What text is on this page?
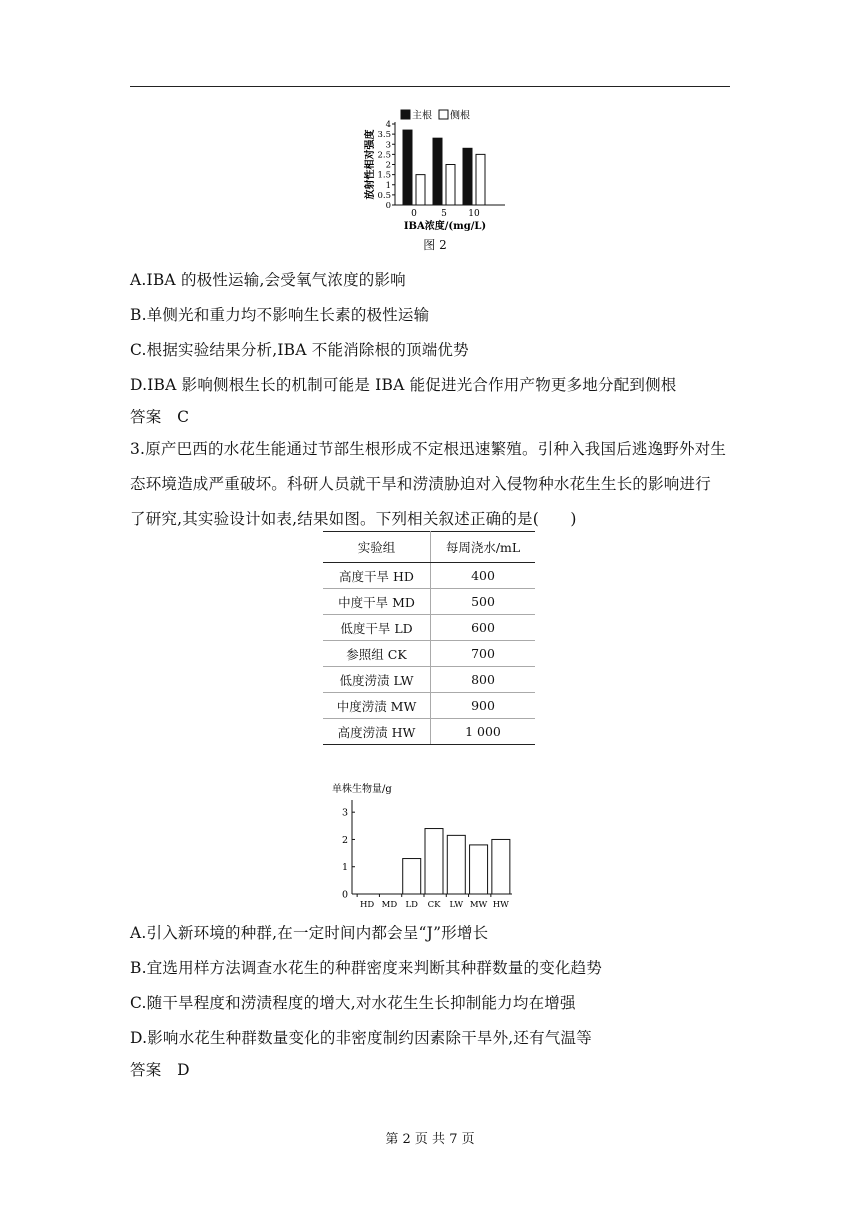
主根 侧根
0
0.5
1
1.5
2
2.5
3
3.5
4
放射性相对强度
0	5 10
IBA浓度/(mg/L)
图 2
A.IBA 的极性运输,会受氧气浓度的影响
B.单侧光和重力均不影响生长素的极性运输
C.根据实验结果分析,IBA 不能消除根的顶端优势
D.IBA 影响侧根生长的机制可能是 IBA 能促进光合作用产物更多地分配到侧根
答案　C
3.原产巴西的水花生能通过节部生根形成不定根迅速繁殖。引种入我国后逃逸野外对生
态环境造成严重破坏。科研人员就干旱和涝渍胁迫对入侵物种水花生生长的影响进行
了研究,其实验设计如表,结果如图。下列相关叙述正确的是(　　)
实验组	每周浇水/mL
高度干旱 HD	400
中度干旱 MD	500
低度干旱 LD	600
参照组 CK	700
低度涝渍 LW	800
中度涝渍 MW	900
高度涝渍 HW	1 000
单株生物量/g
0
1
2
3
HD MD LD CK LW MW HW
A.引入新环境的种群,在一定时间内都会呈“J”形增长
B.宜选用样方法调查水花生的种群密度来判断其种群数量的变化趋势
C.随干旱程度和涝渍程度的增大,对水花生生长抑制能力均在增强
D.影响水花生种群数量变化的非密度制约因素除干旱外,还有气温等
答案　D
第 2 页 共 7 页
